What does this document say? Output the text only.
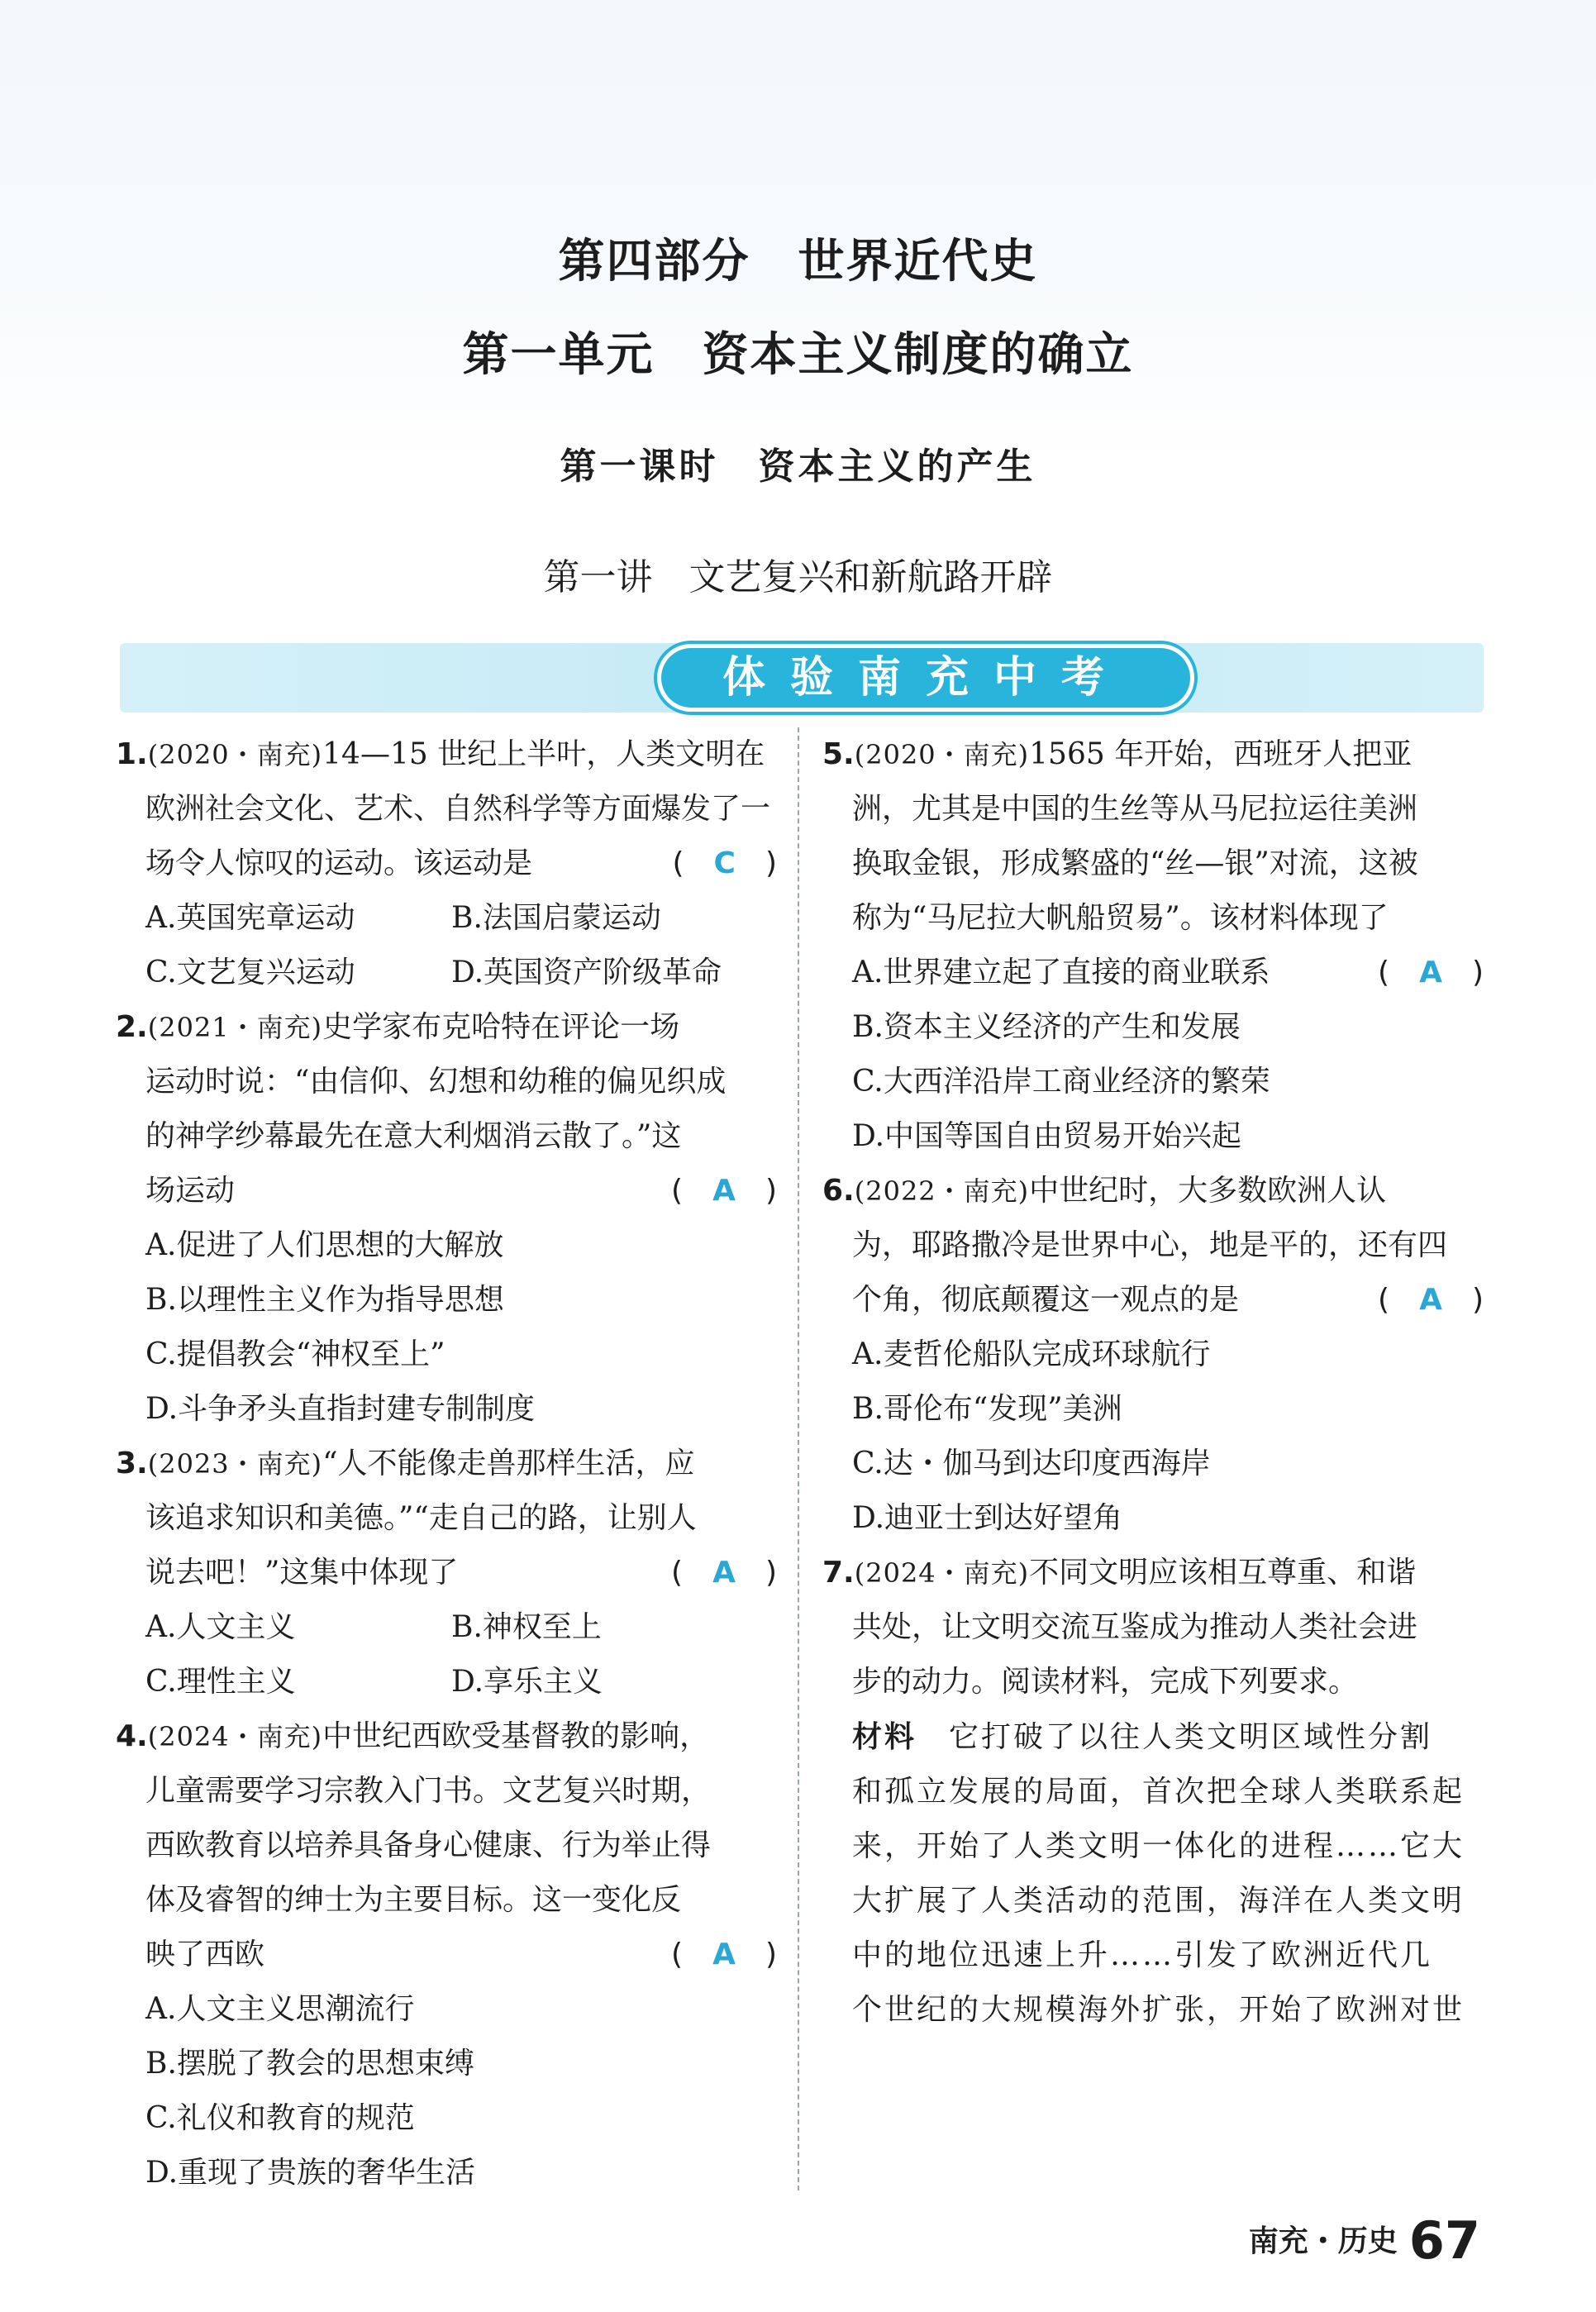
第四部分　世界近代史
第一单元　资本主义制度的确立
第一课时　资本主义的产生
第一讲　文艺复兴和新航路开辟
体验南充中考
1.(2020・南充)14—15 世纪上半叶，人类文明在
欧洲社会文化、艺术、自然科学等方面爆发了一
场令人惊叹的运动。该运动是	(　C　)
A.英国宪章运动	B.法国启蒙运动
C.文艺复兴运动	D.英国资产阶级革命
2.(2021・南充)史学家布克哈特在评论一场
运动时说：“由信仰、幻想和幼稚的偏见织成
的神学纱幕最先在意大利烟消云散了。”这
场运动	(　A　)
A.促进了人们思想的大解放
B.以理性主义作为指导思想
C.提倡教会“神权至上”
D.斗争矛头直指封建专制制度
3.(2023・南充)“人不能像走兽那样生活，应
该追求知识和美德。”“走自己的路，让别人
说去吧！”这集中体现了	(　A　)
A.人文主义	B.神权至上
C.理性主义	D.享乐主义
4.(2024・南充)中世纪西欧受基督教的影响，
儿童需要学习宗教入门书。文艺复兴时期，
西欧教育以培养具备身心健康、行为举止得
体及睿智的绅士为主要目标。这一变化反
映了西欧	(　A　)
A.人文主义思潮流行
B.摆脱了教会的思想束缚
C.礼仪和教育的规范
D.重现了贵族的奢华生活
5.(2020・南充)1565 年开始，西班牙人把亚
洲，尤其是中国的生丝等从马尼拉运往美洲
换取金银，形成繁盛的“丝—银”对流，这被
称为“马尼拉大帆船贸易”。该材料体现了
(　A　)
A.世界建立起了直接的商业联系
B.资本主义经济的产生和发展
C.大西洋沿岸工商业经济的繁荣
D.中国等国自由贸易开始兴起
6.(2022・南充)中世纪时，大多数欧洲人认
为，耶路撒冷是世界中心，地是平的，还有四
个角，彻底颠覆这一观点的是	(　A　)
A.麦哲伦船队完成环球航行
B.哥伦布“发现”美洲
C.达・伽马到达印度西海岸
D.迪亚士到达好望角
7.(2024・南充)不同文明应该相互尊重、和谐
共处，让文明交流互鉴成为推动人类社会进
步的动力。阅读材料，完成下列要求。
材料　 它打破了以往人类文明区域性分割
和孤立发展的局面，首次把全球人类联系起
来，开始了人类文明一体化的进程……它大
大扩展了人类活动的范围，海洋在人类文明
中的地位迅速上升……引发了欧洲近代几
个世纪的大规模海外扩张，开始了欧洲对世
南充・历史 67
